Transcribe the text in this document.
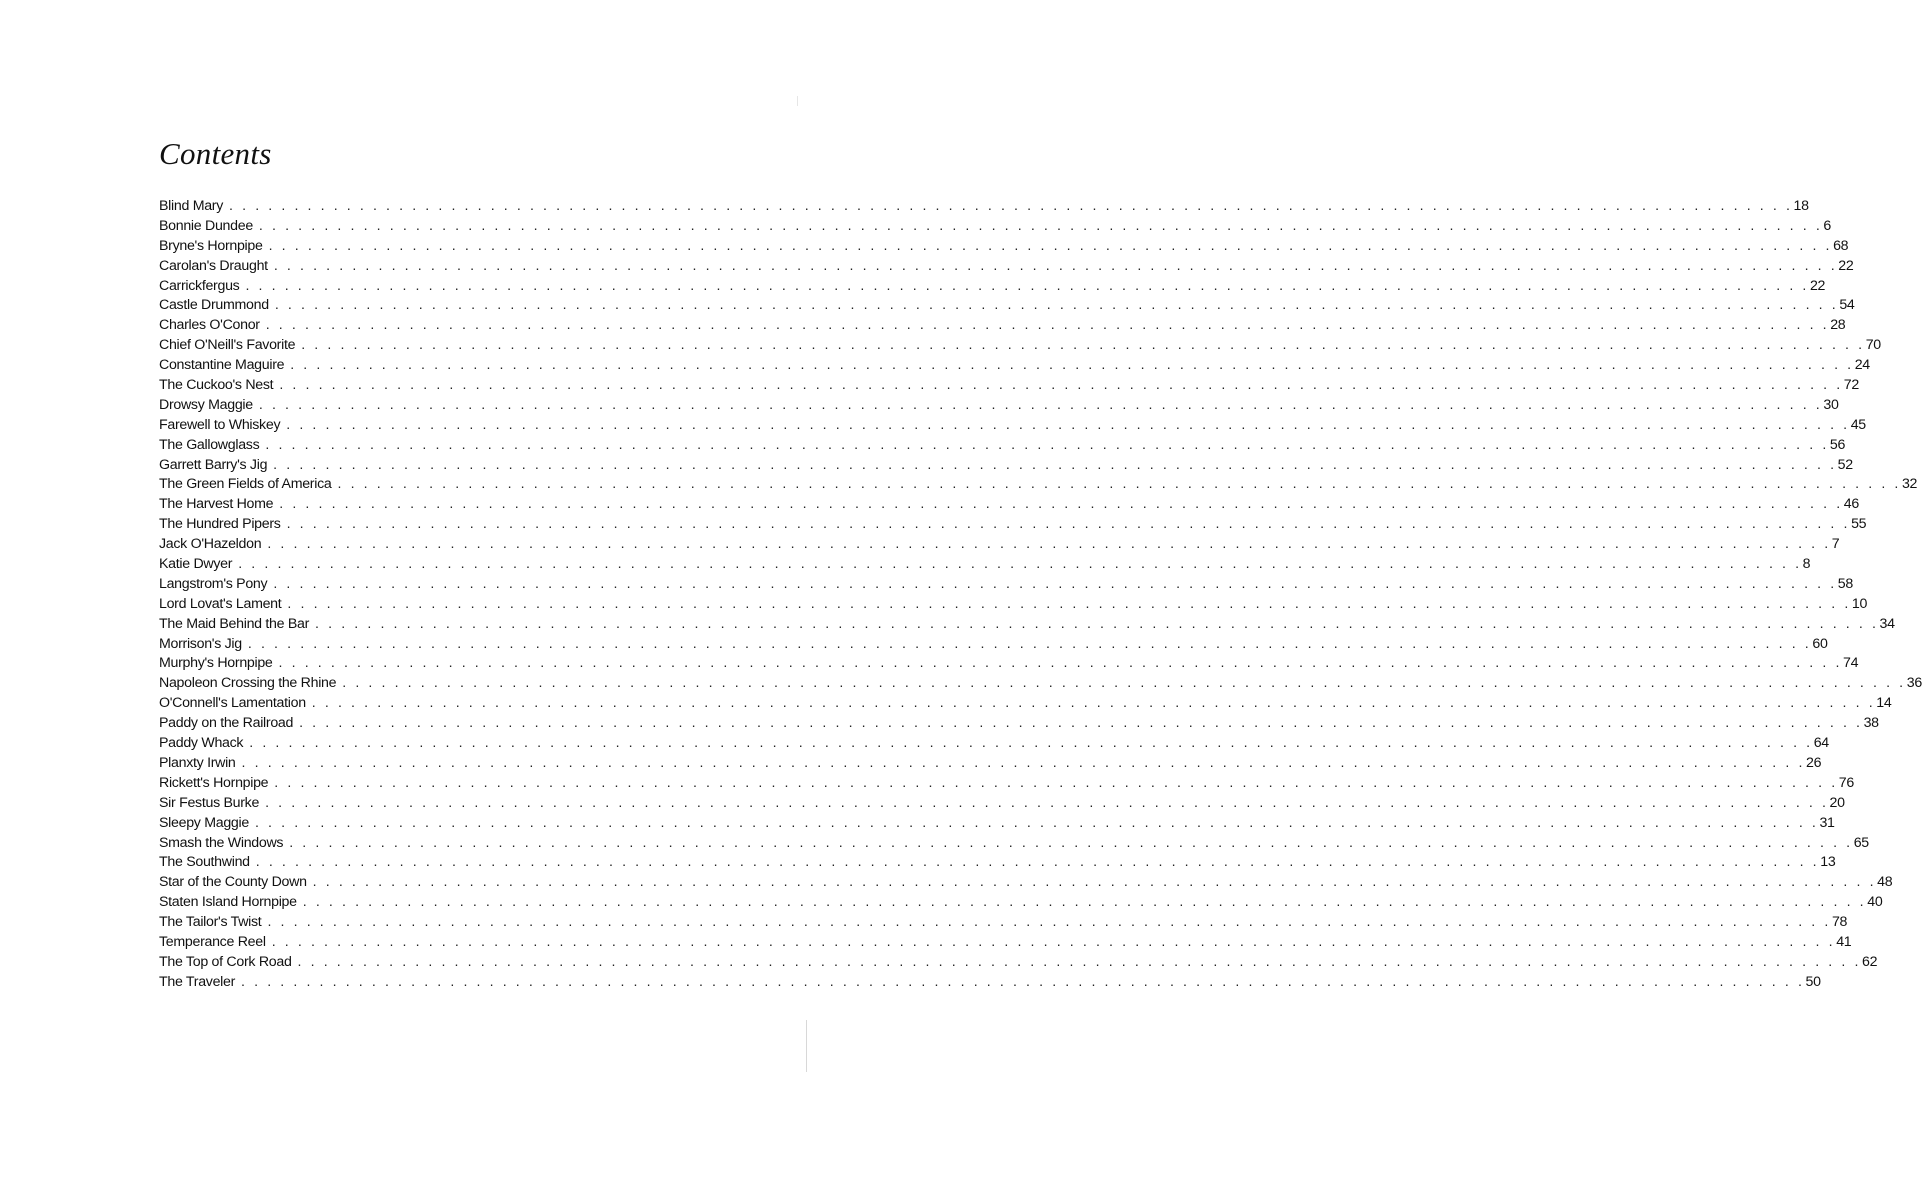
Contents
Blind Mary . . . . . . . . . . . . . . . . . . . . . . . . . . . . . . . . . . . . . . . . . . . . . . . . . . . . . . . . . . . . . . . . . . . . . . . . . . . . . . . . . . . . . . . . . . . . . . . . . . . . . . . . . . . . . . . . . . . . . . . . 18
Bonnie Dundee . . . . . . . . . . . . . . . . . . . . . . . . . . . . . . . . . . . . . . . . . . . . . . . . . . . . . . . . . . . . . . . . . . . . . . . . . . . . . . . . . . . . . . . . . . . . . . . . . . . . . . . . . . . . . . . . . . . . . . . . 6
Bryne's Hornpipe . . . . . . . . . . . . . . . . . . . . . . . . . . . . . . . . . . . . . . . . . . . . . . . . . . . . . . . . . . . . . . . . . . . . . . . . . . . . . . . . . . . . . . . . . . . . . . . . . . . . . . . . . . . . . . . . . . . . . . . . 68
Carolan's Draught . . . . . . . . . . . . . . . . . . . . . . . . . . . . . . . . . . . . . . . . . . . . . . . . . . . . . . . . . . . . . . . . . . . . . . . . . . . . . . . . . . . . . . . . . . . . . . . . . . . . . . . . . . . . . . . . . . . . . . . . 22
Carrickfergus . . . . . . . . . . . . . . . . . . . . . . . . . . . . . . . . . . . . . . . . . . . . . . . . . . . . . . . . . . . . . . . . . . . . . . . . . . . . . . . . . . . . . . . . . . . . . . . . . . . . . . . . . . . . . . . . . . . . . . . . 22
Castle Drummond . . . . . . . . . . . . . . . . . . . . . . . . . . . . . . . . . . . . . . . . . . . . . . . . . . . . . . . . . . . . . . . . . . . . . . . . . . . . . . . . . . . . . . . . . . . . . . . . . . . . . . . . . . . . . . . . . . . . . . . . 54
Charles O'Conor . . . . . . . . . . . . . . . . . . . . . . . . . . . . . . . . . . . . . . . . . . . . . . . . . . . . . . . . . . . . . . . . . . . . . . . . . . . . . . . . . . . . . . . . . . . . . . . . . . . . . . . . . . . . . . . . . . . . . . . . 28
Chief O'Neill's Favorite . . . . . . . . . . . . . . . . . . . . . . . . . . . . . . . . . . . . . . . . . . . . . . . . . . . . . . . . . . . . . . . . . . . . . . . . . . . . . . . . . . . . . . . . . . . . . . . . . . . . . . . . . . . . . . . . . . . . . . . . 70
Constantine Maguire . . . . . . . . . . . . . . . . . . . . . . . . . . . . . . . . . . . . . . . . . . . . . . . . . . . . . . . . . . . . . . . . . . . . . . . . . . . . . . . . . . . . . . . . . . . . . . . . . . . . . . . . . . . . . . . . . . . . . . . . 24
The Cuckoo's Nest . . . . . . . . . . . . . . . . . . . . . . . . . . . . . . . . . . . . . . . . . . . . . . . . . . . . . . . . . . . . . . . . . . . . . . . . . . . . . . . . . . . . . . . . . . . . . . . . . . . . . . . . . . . . . . . . . . . . . . . . 72
Drowsy Maggie . . . . . . . . . . . . . . . . . . . . . . . . . . . . . . . . . . . . . . . . . . . . . . . . . . . . . . . . . . . . . . . . . . . . . . . . . . . . . . . . . . . . . . . . . . . . . . . . . . . . . . . . . . . . . . . . . . . . . . . . 30
Farewell to Whiskey . . . . . . . . . . . . . . . . . . . . . . . . . . . . . . . . . . . . . . . . . . . . . . . . . . . . . . . . . . . . . . . . . . . . . . . . . . . . . . . . . . . . . . . . . . . . . . . . . . . . . . . . . . . . . . . . . . . . . . . . 45
The Gallowglass . . . . . . . . . . . . . . . . . . . . . . . . . . . . . . . . . . . . . . . . . . . . . . . . . . . . . . . . . . . . . . . . . . . . . . . . . . . . . . . . . . . . . . . . . . . . . . . . . . . . . . . . . . . . . . . . . . . . . . . . 56
Garrett Barry's Jig . . . . . . . . . . . . . . . . . . . . . . . . . . . . . . . . . . . . . . . . . . . . . . . . . . . . . . . . . . . . . . . . . . . . . . . . . . . . . . . . . . . . . . . . . . . . . . . . . . . . . . . . . . . . . . . . . . . . . . . . 52
The Green Fields of America . . . . . . . . . . . . . . . . . . . . . . . . . . . . . . . . . . . . . . . . . . . . . . . . . . . . . . . . . . . . . . . . . . . . . . . . . . . . . . . . . . . . . . . . . . . . . . . . . . . . . . . . . . . . . . . . . . . . . . . . 32
The Harvest Home . . . . . . . . . . . . . . . . . . . . . . . . . . . . . . . . . . . . . . . . . . . . . . . . . . . . . . . . . . . . . . . . . . . . . . . . . . . . . . . . . . . . . . . . . . . . . . . . . . . . . . . . . . . . . . . . . . . . . . . . 46
The Hundred Pipers . . . . . . . . . . . . . . . . . . . . . . . . . . . . . . . . . . . . . . . . . . . . . . . . . . . . . . . . . . . . . . . . . . . . . . . . . . . . . . . . . . . . . . . . . . . . . . . . . . . . . . . . . . . . . . . . . . . . . . . . 55
Jack O'Hazeldon . . . . . . . . . . . . . . . . . . . . . . . . . . . . . . . . . . . . . . . . . . . . . . . . . . . . . . . . . . . . . . . . . . . . . . . . . . . . . . . . . . . . . . . . . . . . . . . . . . . . . . . . . . . . . . . . . . . . . . . . 7
Katie Dwyer . . . . . . . . . . . . . . . . . . . . . . . . . . . . . . . . . . . . . . . . . . . . . . . . . . . . . . . . . . . . . . . . . . . . . . . . . . . . . . . . . . . . . . . . . . . . . . . . . . . . . . . . . . . . . . . . . . . . . . . . 8
Langstrom's Pony . . . . . . . . . . . . . . . . . . . . . . . . . . . . . . . . . . . . . . . . . . . . . . . . . . . . . . . . . . . . . . . . . . . . . . . . . . . . . . . . . . . . . . . . . . . . . . . . . . . . . . . . . . . . . . . . . . . . . . . . 58
Lord Lovat's Lament . . . . . . . . . . . . . . . . . . . . . . . . . . . . . . . . . . . . . . . . . . . . . . . . . . . . . . . . . . . . . . . . . . . . . . . . . . . . . . . . . . . . . . . . . . . . . . . . . . . . . . . . . . . . . . . . . . . . . . . . 10
The Maid Behind the Bar . . . . . . . . . . . . . . . . . . . . . . . . . . . . . . . . . . . . . . . . . . . . . . . . . . . . . . . . . . . . . . . . . . . . . . . . . . . . . . . . . . . . . . . . . . . . . . . . . . . . . . . . . . . . . . . . . . . . . . . . 34
Morrison's Jig . . . . . . . . . . . . . . . . . . . . . . . . . . . . . . . . . . . . . . . . . . . . . . . . . . . . . . . . . . . . . . . . . . . . . . . . . . . . . . . . . . . . . . . . . . . . . . . . . . . . . . . . . . . . . . . . . . . . . . . . 60
Murphy's Hornpipe . . . . . . . . . . . . . . . . . . . . . . . . . . . . . . . . . . . . . . . . . . . . . . . . . . . . . . . . . . . . . . . . . . . . . . . . . . . . . . . . . . . . . . . . . . . . . . . . . . . . . . . . . . . . . . . . . . . . . . . . 74
Napoleon Crossing the Rhine . . . . . . . . . . . . . . . . . . . . . . . . . . . . . . . . . . . . . . . . . . . . . . . . . . . . . . . . . . . . . . . . . . . . . . . . . . . . . . . . . . . . . . . . . . . . . . . . . . . . . . . . . . . . . . . . . . . . . . . . 36
O'Connell's Lamentation . . . . . . . . . . . . . . . . . . . . . . . . . . . . . . . . . . . . . . . . . . . . . . . . . . . . . . . . . . . . . . . . . . . . . . . . . . . . . . . . . . . . . . . . . . . . . . . . . . . . . . . . . . . . . . . . . . . . . . . . 14
Paddy on the Railroad . . . . . . . . . . . . . . . . . . . . . . . . . . . . . . . . . . . . . . . . . . . . . . . . . . . . . . . . . . . . . . . . . . . . . . . . . . . . . . . . . . . . . . . . . . . . . . . . . . . . . . . . . . . . . . . . . . . . . . . . 38
Paddy Whack . . . . . . . . . . . . . . . . . . . . . . . . . . . . . . . . . . . . . . . . . . . . . . . . . . . . . . . . . . . . . . . . . . . . . . . . . . . . . . . . . . . . . . . . . . . . . . . . . . . . . . . . . . . . . . . . . . . . . . . . 64
Planxty Irwin . . . . . . . . . . . . . . . . . . . . . . . . . . . . . . . . . . . . . . . . . . . . . . . . . . . . . . . . . . . . . . . . . . . . . . . . . . . . . . . . . . . . . . . . . . . . . . . . . . . . . . . . . . . . . . . . . . . . . . . . 26
Rickett's Hornpipe . . . . . . . . . . . . . . . . . . . . . . . . . . . . . . . . . . . . . . . . . . . . . . . . . . . . . . . . . . . . . . . . . . . . . . . . . . . . . . . . . . . . . . . . . . . . . . . . . . . . . . . . . . . . . . . . . . . . . . . . 76
Sir Festus Burke . . . . . . . . . . . . . . . . . . . . . . . . . . . . . . . . . . . . . . . . . . . . . . . . . . . . . . . . . . . . . . . . . . . . . . . . . . . . . . . . . . . . . . . . . . . . . . . . . . . . . . . . . . . . . . . . . . . . . . . . 20
Sleepy Maggie . . . . . . . . . . . . . . . . . . . . . . . . . . . . . . . . . . . . . . . . . . . . . . . . . . . . . . . . . . . . . . . . . . . . . . . . . . . . . . . . . . . . . . . . . . . . . . . . . . . . . . . . . . . . . . . . . . . . . . . . 31
Smash the Windows . . . . . . . . . . . . . . . . . . . . . . . . . . . . . . . . . . . . . . . . . . . . . . . . . . . . . . . . . . . . . . . . . . . . . . . . . . . . . . . . . . . . . . . . . . . . . . . . . . . . . . . . . . . . . . . . . . . . . . . . 65
The Southwind . . . . . . . . . . . . . . . . . . . . . . . . . . . . . . . . . . . . . . . . . . . . . . . . . . . . . . . . . . . . . . . . . . . . . . . . . . . . . . . . . . . . . . . . . . . . . . . . . . . . . . . . . . . . . . . . . . . . . . . . 13
Star of the County Down . . . . . . . . . . . . . . . . . . . . . . . . . . . . . . . . . . . . . . . . . . . . . . . . . . . . . . . . . . . . . . . . . . . . . . . . . . . . . . . . . . . . . . . . . . . . . . . . . . . . . . . . . . . . . . . . . . . . . . . . 48
Staten Island Hornpipe . . . . . . . . . . . . . . . . . . . . . . . . . . . . . . . . . . . . . . . . . . . . . . . . . . . . . . . . . . . . . . . . . . . . . . . . . . . . . . . . . . . . . . . . . . . . . . . . . . . . . . . . . . . . . . . . . . . . . . . . 40
The Tailor's Twist . . . . . . . . . . . . . . . . . . . . . . . . . . . . . . . . . . . . . . . . . . . . . . . . . . . . . . . . . . . . . . . . . . . . . . . . . . . . . . . . . . . . . . . . . . . . . . . . . . . . . . . . . . . . . . . . . . . . . . . . 78
Temperance Reel . . . . . . . . . . . . . . . . . . . . . . . . . . . . . . . . . . . . . . . . . . . . . . . . . . . . . . . . . . . . . . . . . . . . . . . . . . . . . . . . . . . . . . . . . . . . . . . . . . . . . . . . . . . . . . . . . . . . . . . . 41
The Top of Cork Road . . . . . . . . . . . . . . . . . . . . . . . . . . . . . . . . . . . . . . . . . . . . . . . . . . . . . . . . . . . . . . . . . . . . . . . . . . . . . . . . . . . . . . . . . . . . . . . . . . . . . . . . . . . . . . . . . . . . . . . . 62
The Traveler . . . . . . . . . . . . . . . . . . . . . . . . . . . . . . . . . . . . . . . . . . . . . . . . . . . . . . . . . . . . . . . . . . . . . . . . . . . . . . . . . . . . . . . . . . . . . . . . . . . . . . . . . . . . . . . . . . . . . . . . 50
